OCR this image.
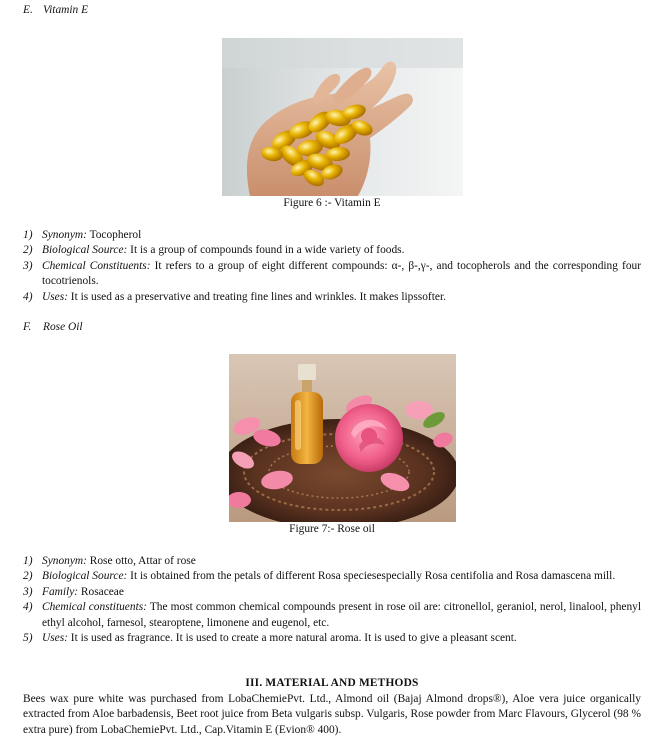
E. Vitamin E
Figure 6 :- Vitamin E
1) Synonym: Tocopherol
2) Biological Source: It is a group of compounds found in a wide variety of foods.
3) Chemical Constituents: It refers to a group of eight different compounds: α-, β-,γ-, and tocopherols and the corresponding four tocotrienols.
4) Uses: It is used as a preservative and treating fine lines and wrinkles. It makes lipssofter.
F. Rose Oil
Figure 7:- Rose oil
1) Synonym: Rose otto, Attar of rose
2) Biological Source: It is obtained from the petals of different Rosa speciesespecially Rosa centifolia and Rosa damascena mill.
3) Family: Rosaceae
4) Chemical constituents: The most common chemical compounds present in rose oil are: citronellol, geraniol, nerol, linalool, phenyl ethyl alcohol, farnesol, stearoptene, limonene and eugenol, etc.
5) Uses: It is used as fragrance. It is used to create a more natural aroma. It is used to give a pleasant scent.
III. MATERIAL AND METHODS

Bees wax pure white was purchased from LobaChemiePvt. Ltd., Almond oil (Bajaj Almond drops®), Aloe vera juice organically extracted from Aloe barbadensis, Beet root juice from Beta vulgaris subsp. Vulgaris, Rose powder from Marc Flavours, Glycerol (98 % extra pure) from LobaChemiePvt. Ltd., Cap.Vitamin E (Evion® 400).
